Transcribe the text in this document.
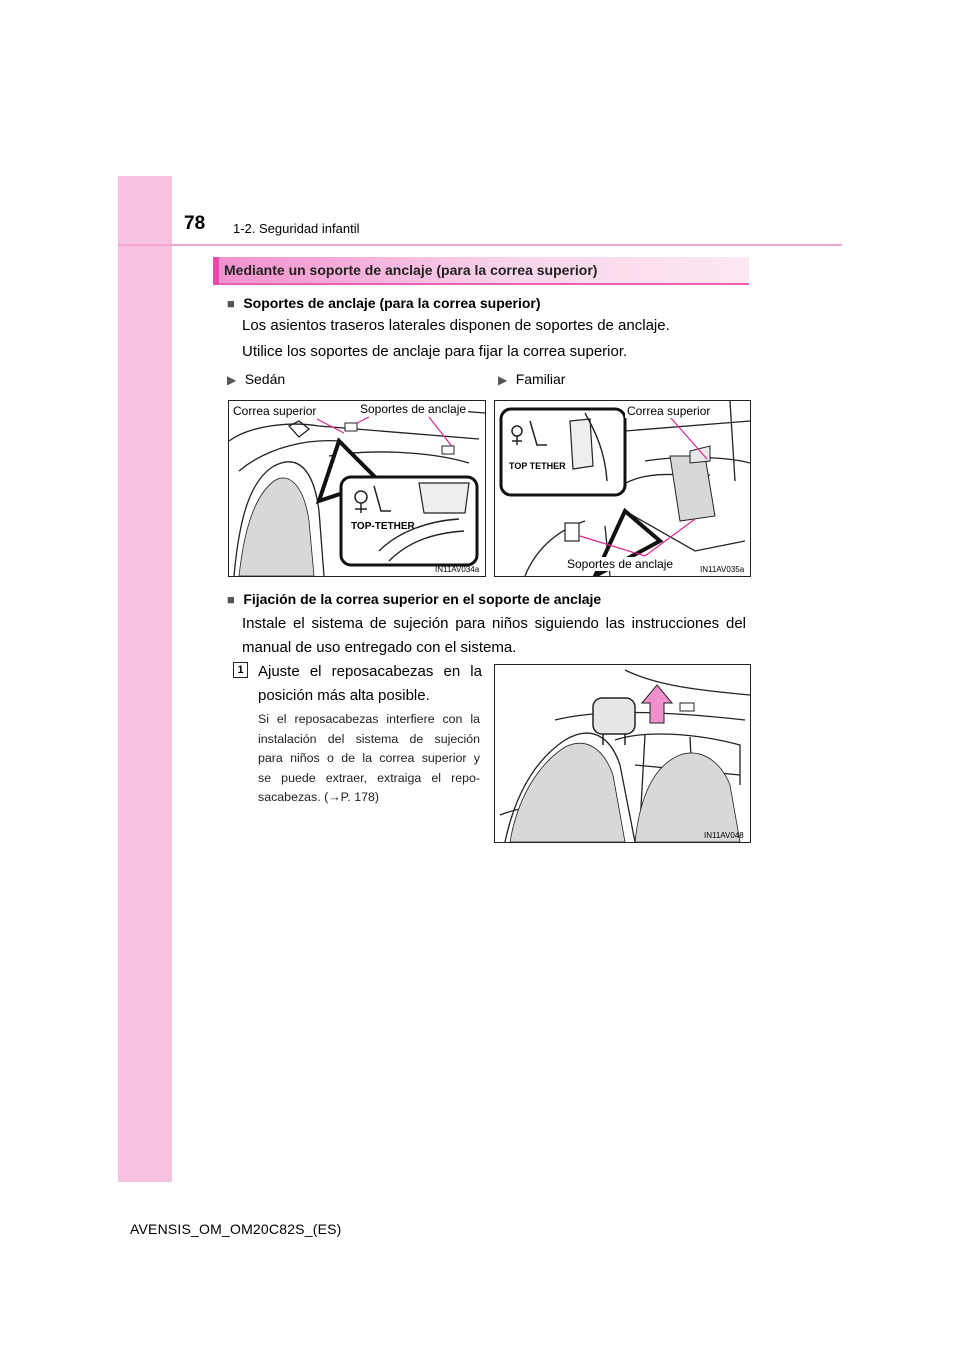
78 1-2. Seguridad infantil
Mediante un soporte de anclaje (para la correa superior)
■ Soportes de anclaje (para la correa superior)
Los asientos traseros laterales disponen de soportes de anclaje.
Utilice los soportes de anclaje para fijar la correa superior.
▶ Sedán	▶ Familiar
TOP-TETHER
Correa superior	Soportes de anclaje
IN11AV034a
TOP TETHER
Correa superior
Soportes de anclaje	IN11AV035a
■ Fijación de la correa superior en el soporte de anclaje
Instale el sistema de sujeción para niños siguiendo las instrucciones del
manual de uso entregado con el sistema.
1 Ajuste el reposacabezas en la
posición más alta posible.
Si el reposacabezas interfiere con la
instalación del sistema de sujeción
para niños o de la correa superior y
se puede extraer, extraiga el repo-
sacabezas. (→P. 178)
IN11AV048
AVENSIS_OM_OM20C82S_(ES)
